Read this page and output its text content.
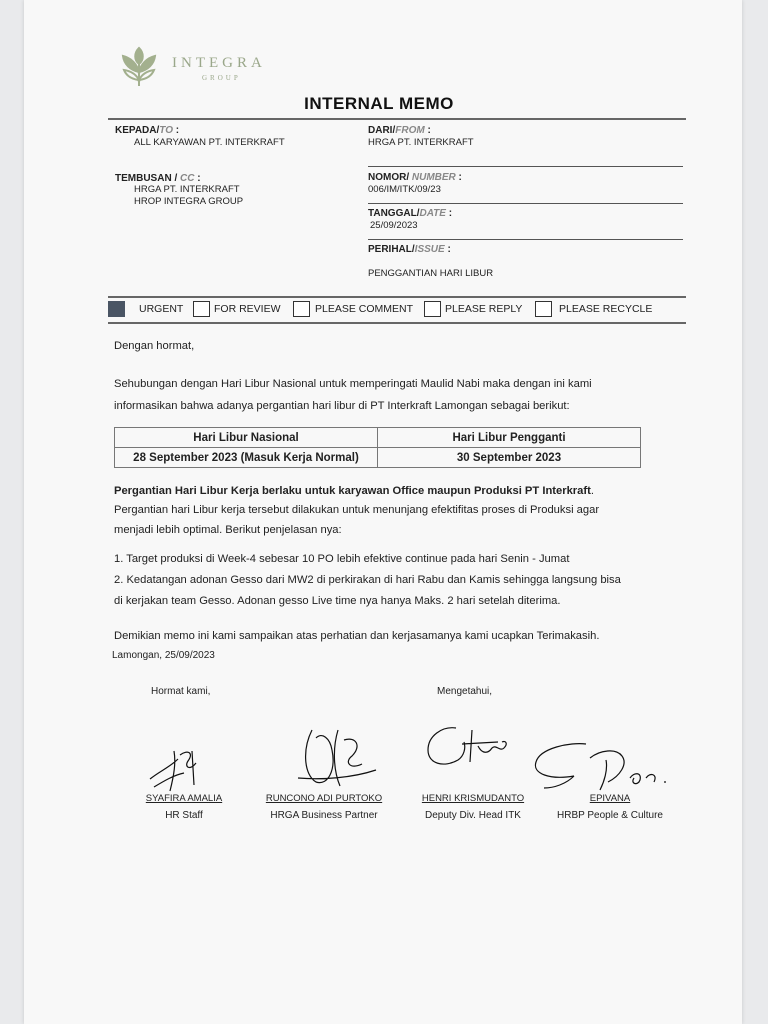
INTEGRA
GROUP
INTERNAL MEMO
KEPADA/TO :
ALL KARYAWAN PT. INTERKRAFT
TEMBUSAN / CC :
HRGA PT. INTERKRAFT
HROP INTEGRA GROUP
DARI/FROM :
HRGA PT. INTERKRAFT
NOMOR/ NUMBER :
006/IM/ITK/09/23
TANGGAL/DATE :
25/09/2023
PERIHAL/ISSUE :
PENGGANTIAN HARI LIBUR
URGENT	FOR REVIEW	PLEASE COMMENT	PLEASE REPLY	PLEASE RECYCLE
Dengan hormat,
Sehubungan dengan Hari Libur Nasional untuk memperingati Maulid Nabi maka dengan ini kami
informasikan bahwa adanya pergantian hari libur di PT Interkraft Lamongan sebagai berikut:
Hari Libur Nasional	Hari Libur Pengganti
28 September 2023 (Masuk Kerja Normal)	30 September 2023
Pergantian Hari Libur Kerja berlaku untuk karyawan Office maupun Produksi PT Interkraft.
Pergantian hari Libur kerja tersebut dilakukan untuk menunjang efektifitas proses di Produksi agar
menjadi lebih optimal. Berikut penjelasan nya:
1. Target produksi di Week-4 sebesar 10 PO lebih efektive continue pada hari Senin - Jumat
2. Kedatangan adonan Gesso dari MW2 di perkirakan di hari Rabu dan Kamis sehingga langsung bisa
di kerjakan team Gesso. Adonan gesso Live time nya hanya Maks. 2 hari setelah diterima.
Demikian memo ini kami sampaikan atas perhatian dan kerjasamanya kami ucapkan Terimakasih.
Lamongan, 25/09/2023
Hormat kami,	Mengetahui,
SYAFIRA AMALIA
HR Staff
RUNCONO ADI PURTOKO
HRGA Business Partner
HENRI KRISMUDANTO
Deputy Div. Head ITK
EPIVANA
HRBP People & Culture
